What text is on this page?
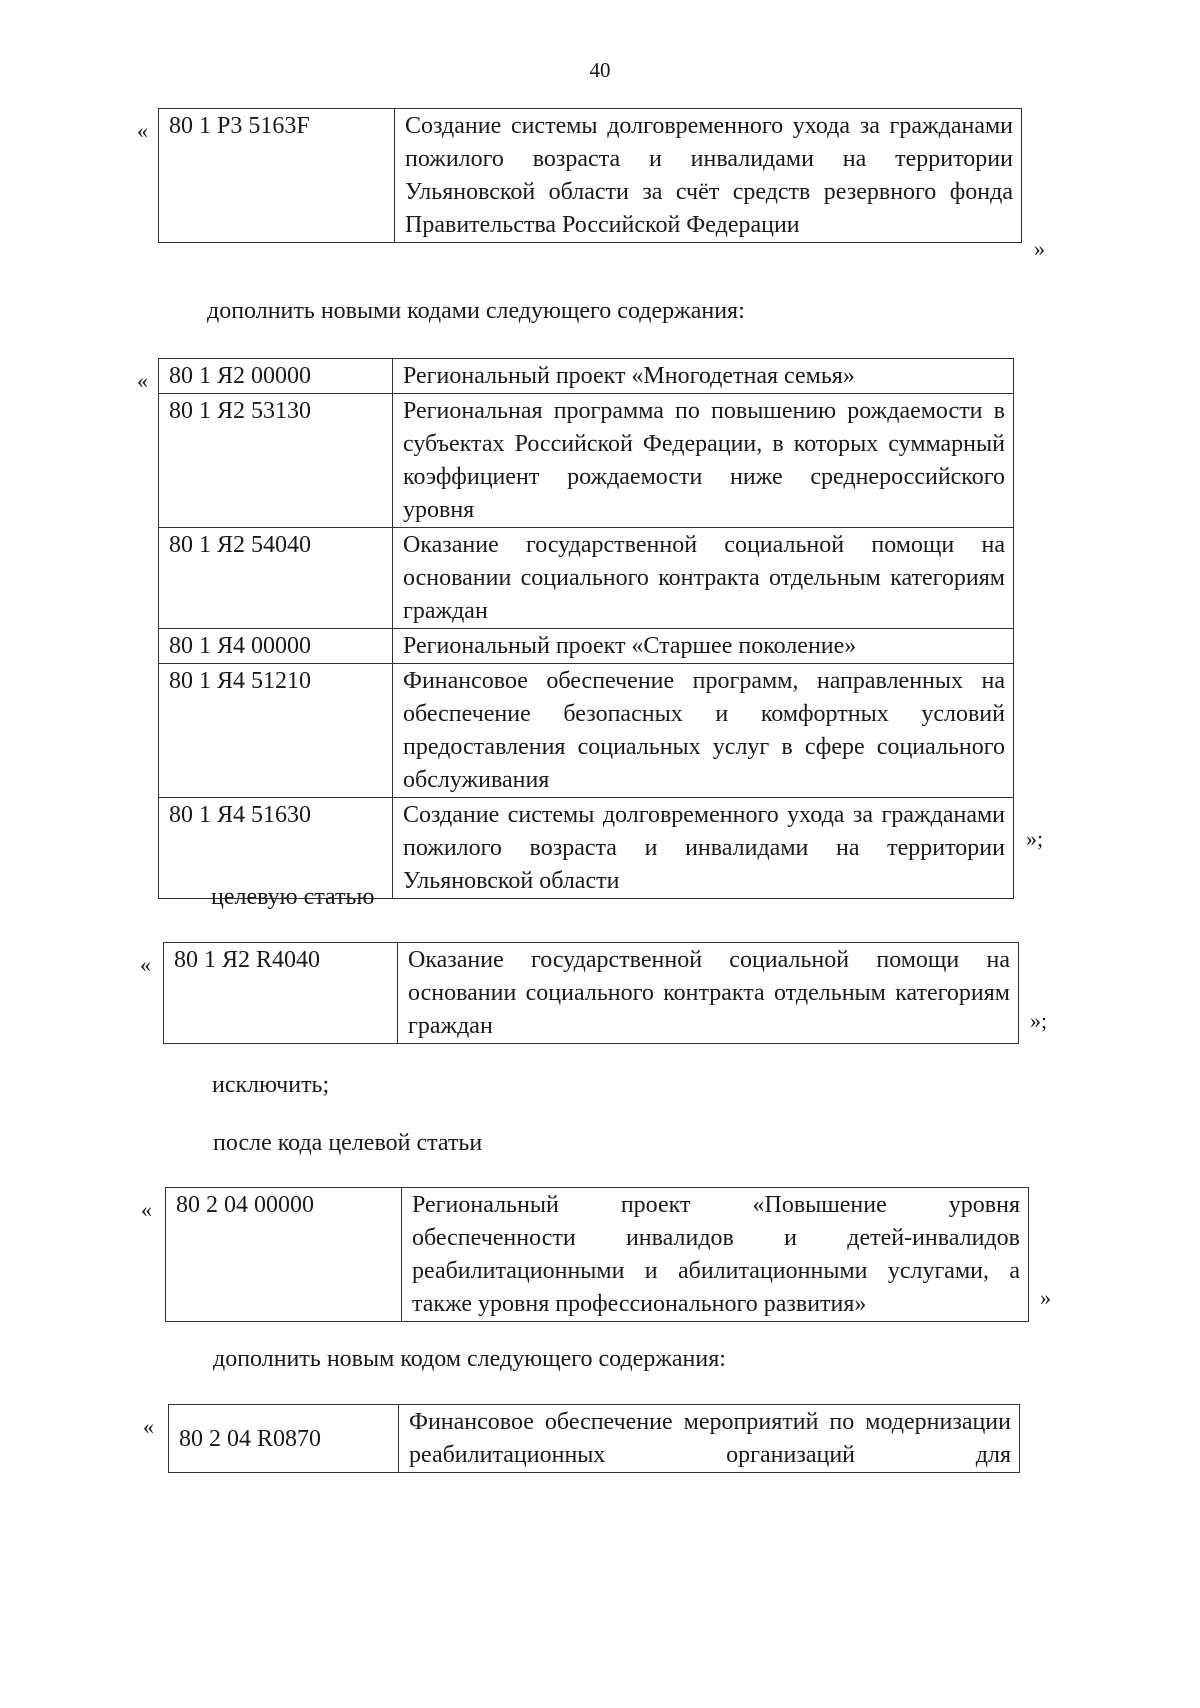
40
« 80 1 Р3 5163F	Создание системы долговременного ухода за гражданами пожилого возраста и инвалидами на территории Ульяновской области за счёт средств резервного фонда Правительства Российской Федерации
»
дополнить новыми кодами следующего содержания:
« 80 1 Я2 00000	Региональный проект «Многодетная семья»
80 1 Я2 53130	Региональная программа по повышению рождаемости в субъектах Российской Федерации, в которых суммарный коэффициент рождаемости ниже среднероссийского уровня
80 1 Я2 54040	Оказание государственной социальной помощи на основании социального контракта отдельным категориям граждан
80 1 Я4 00000	Региональный проект «Старшее поколение»
80 1 Я4 51210	Финансовое обеспечение программ, направленных на обеспечение безопасных и комфортных условий предоставления социальных услуг в сфере социального обслуживания
80 1 Я4 51630	Создание системы долговременного ухода за гражданами пожилого возраста и инвалидами на территории Ульяновской области
»;
целевую статью
« 80 1 Я2 R4040	Оказание государственной социальной помощи на основании социального контракта отдельным категориям граждан	»;
исключить;
после кода целевой статьи
« 80 2 04 00000	Региональный проект «Повышение уровня обеспеченности инвалидов и детей-инвалидов реабилитационными и абилитационными услугами, а также уровня профессионального развития»	»
дополнить новым кодом следующего содержания:
« 80 2 04 R0870	Финансовое обеспечение мероприятий по модернизации реабилитационных организаций для
